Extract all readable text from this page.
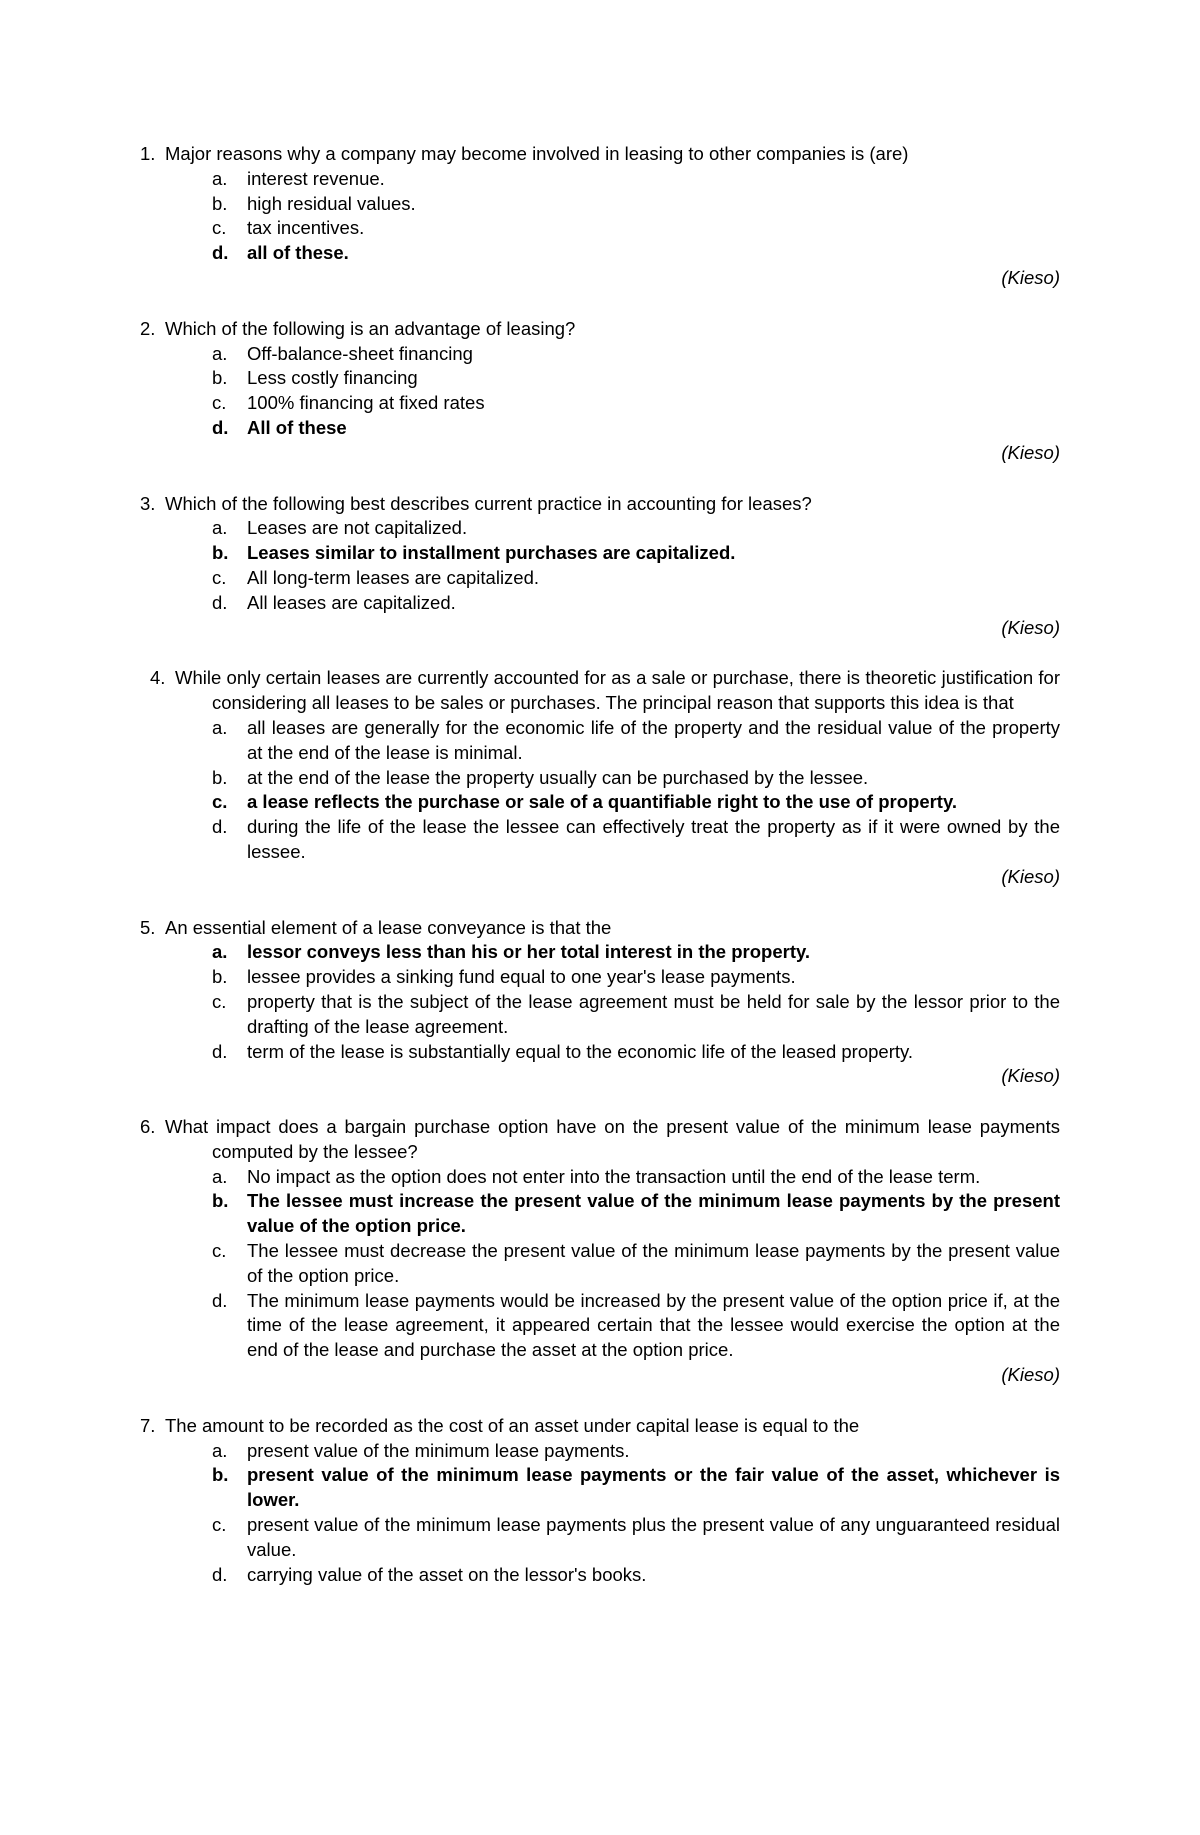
1. Major reasons why a company may become involved in leasing to other companies is (are)
a. interest revenue.
b. high residual values.
c. tax incentives.
d. all of these.
(Kieso)
2. Which of the following is an advantage of leasing?
a. Off-balance-sheet financing
b. Less costly financing
c. 100% financing at fixed rates
d. All of these
(Kieso)
3. Which of the following best describes current practice in accounting for leases?
a. Leases are not capitalized.
b. Leases similar to installment purchases are capitalized.
c. All long-term leases are capitalized.
d. All leases are capitalized.
(Kieso)
4. While only certain leases are currently accounted for as a sale or purchase, there is theoretic justification for considering all leases to be sales or purchases. The principal reason that supports this idea is that
a. all leases are generally for the economic life of the property and the residual value of the property at the end of the lease is minimal.
b. at the end of the lease the property usually can be purchased by the lessee.
c. a lease reflects the purchase or sale of a quantifiable right to the use of property.
d. during the life of the lease the lessee can effectively treat the property as if it were owned by the lessee.
(Kieso)
5. An essential element of a lease conveyance is that the
a. lessor conveys less than his or her total interest in the property.
b. lessee provides a sinking fund equal to one year's lease payments.
c. property that is the subject of the lease agreement must be held for sale by the lessor prior to the drafting of the lease agreement.
d. term of the lease is substantially equal to the economic life of the leased property.
(Kieso)
6. What impact does a bargain purchase option have on the present value of the minimum lease payments computed by the lessee?
a. No impact as the option does not enter into the transaction until the end of the lease term.
b. The lessee must increase the present value of the minimum lease payments by the present value of the option price.
c. The lessee must decrease the present value of the minimum lease payments by the present value of the option price.
d. The minimum lease payments would be increased by the present value of the option price if, at the time of the lease agreement, it appeared certain that the lessee would exercise the option at the end of the lease and purchase the asset at the option price.
(Kieso)
7. The amount to be recorded as the cost of an asset under capital lease is equal to the
a. present value of the minimum lease payments.
b. present value of the minimum lease payments or the fair value of the asset, whichever is lower.
c. present value of the minimum lease payments plus the present value of any unguaranteed residual value.
d. carrying value of the asset on the lessor's books.
